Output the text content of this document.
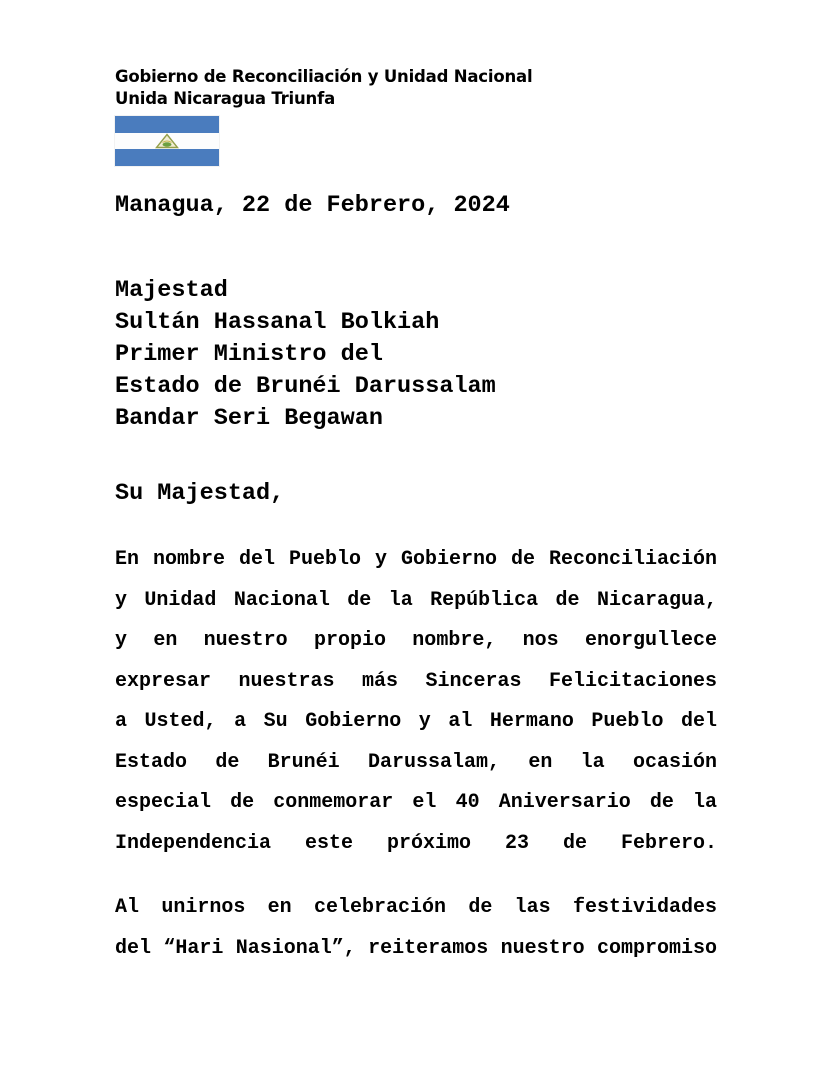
Gobierno de Reconciliación y Unidad Nacional
Unida Nicaragua Triunfa
Managua, 22 de Febrero, 2024
Majestad
Sultán Hassanal Bolkiah
Primer Ministro del
Estado de Brunéi Darussalam
Bandar Seri Begawan
Su Majestad,
En nombre del Pueblo y Gobierno de Reconciliación
y Unidad Nacional de la República de Nicaragua,
y en nuestro propio nombre, nos enorgullece
expresar nuestras más Sinceras Felicitaciones
a Usted, a Su Gobierno y al Hermano Pueblo del
Estado de Brunéi Darussalam, en la ocasión
especial de conmemorar el 40 Aniversario de la
Independencia este próximo 23 de Febrero.
Al unirnos en celebración de las festividades
del “Hari Nasional”, reiteramos nuestro compromiso
